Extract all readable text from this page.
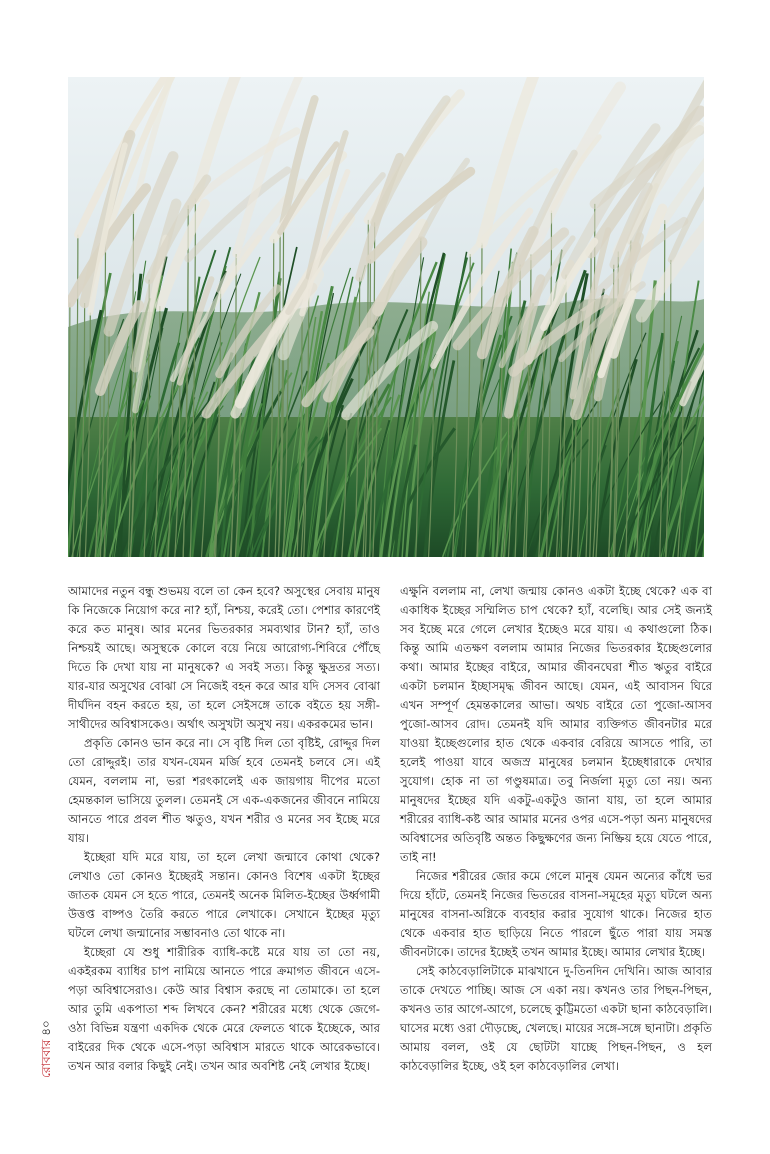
আমাদের নতুন বন্ধু শুভময় বলে তা কেন হবে? অসুস্থের সেবায় মানুষ কি নিজেকে নিয়োগ করে না? হ্যাঁ, নিশ্চয়, করেই তো। পেশার কারণেই করে কত মানুষ। আর মনের ভিতরকার সমব্যথার টান? হ্যাঁ, তাও নিশ্চয়ই আছে। অসুস্থকে কোলে বয়ে নিয়ে আরোগ্য-শিবিরে পৌঁছে দিতে কি দেখা যায় না মানুষকে? এ সবই সত্য। কিন্তু ক্ষুদ্রতর সত্য। যার-যার অসুখের বোঝা সে নিজেই বহন করে আর যদি সেসব বোঝা দীর্ঘদিন বহন করতে হয়, তা হলে সেইসঙ্গে তাকে বইতে হয় সঙ্গী-সাথীদের অবিশ্বাসকেও। অর্থাৎ অসুখটা অসুখ নয়। একরকমের ভান।

প্রকৃতি কোনও ভান করে না। সে বৃষ্টি দিল তো বৃষ্টিই, রোদ্দুর দিল তো রোদ্দুরই। তার যখন-যেমন মর্জি হবে তেমনই চলবে সে। এই যেমন, বললাম না, ভরা শরৎকালেই এক জায়গায় দীপের মতো হেমন্তকাল ভাসিয়ে তুলল। তেমনই সে এক-একজনের জীবনে নামিয়ে আনতে পারে প্রবল শীত ঋতুও, যখন শরীর ও মনের সব ইচ্ছে মরে যায়।

ইচ্ছেরা যদি মরে যায়, তা হলে লেখা জন্মাবে কোথা থেকে? লেখাও তো কোনও ইচ্ছেরই সন্তান। কোনও বিশেষ একটা ইচ্ছের জাতক যেমন সে হতে পারে, তেমনই অনেক মিলিত-ইচ্ছের উর্ধ্বগামী উত্তপ্ত বাষ্পও তৈরি করতে পারে লেখাকে। সেখানে ইচ্ছের মৃত্যু ঘটলে লেখা জন্মানোর সম্ভাবনাও তো থাকে না।

ইচ্ছেরা যে শুধু শারীরিক ব্যাধি-কষ্টে মরে যায় তা তো নয়, একইরকম ব্যাধির চাপ নামিয়ে আনতে পারে ক্রমাগত জীবনে এসে-পড়া অবিশ্বাসেরাও। কেউ আর বিশ্বাস করছে না তোমাকে। তা হলে আর তুমি একপাতা শব্দ লিখবে কেন? শরীরের মধ্যে থেকে জেগে-ওঠা বিভিন্ন যন্ত্রণা একদিক থেকে মেরে ফেলতে থাকে ইচ্ছেকে, আর বাইরের দিক থেকে এসে-পড়া অবিশ্বাস মারতে থাকে আরেকভাবে। তখন আর বলার কিছুই নেই। তখন আর অবশিষ্ট নেই লেখার ইচ্ছে।

এক্ষুনি বললাম না, লেখা জন্মায় কোনও একটা ইচ্ছে থেকে? এক বা একাধিক ইচ্ছের সম্মিলিত চাপ থেকে? হ্যাঁ, বলেছি। আর সেই জন্যই সব ইচ্ছে মরে গেলে লেখার ইচ্ছেও মরে যায়। এ কথাগুলো ঠিক। কিন্তু আমি এতক্ষণ বললাম আমার নিজের ভিতরকার ইচ্ছেগুলোর কথা। আমার ইচ্ছের বাইরে, আমার জীবনঘেরা শীত ঋতুর বাইরে একটা চলমান ইচ্ছাসমৃদ্ধ জীবন আছে। যেমন, এই আবাসন ঘিরে এখন সম্পূর্ণ হেমন্তকালের আভা। অথচ বাইরে তো পুজো-আসব পুজো-আসব রোদ। তেমনই যদি আমার ব্যক্তিগত জীবনটার মরে যাওয়া ইচ্ছেগুলোর হাত থেকে একবার বেরিয়ে আসতে পারি, তা হলেই পাওয়া যাবে অজস্র মানুষের চলমান ইচ্ছেধারাকে দেখার সুযোগ। হোক না তা গণ্ডুষমাত্র। তবু নির্জলা মৃত্যু তো নয়। অন্য মানুষদের ইচ্ছের যদি একটু-একটুও জানা যায়, তা হলে আমার শরীরের ব্যাধি-কষ্ট আর আমার মনের ওপর এসে-পড়া অন্য মানুষদের অবিশ্বাসের অতিবৃষ্টি অন্তত কিছুক্ষণের জন্য নিষ্ক্রিয় হয়ে যেতে পারে, তাই না!

নিজের শরীরের জোর কমে গেলে মানুষ যেমন অন্যের কাঁধে ভর দিয়ে হাঁটে, তেমনই নিজের ভিতরের বাসনা-সমূহের মৃত্যু ঘটলে অন্য মানুষের বাসনা-অগ্নিকে ব্যবহার করার সুযোগ থাকে। নিজের হাত থেকে একবার হাত ছাড়িয়ে নিতে পারলে ছুঁতে পারা যায় সমস্ত জীবনটাকে। তাদের ইচ্ছেই তখন আমার ইচ্ছে। আমার লেখার ইচ্ছে।

সেই কাঠবেড়ালিটাকে মাঝখানে দু-তিনদিন দেখিনি। আজ আবার তাকে দেখতে পাচ্ছি। আজ সে একা নয়। কখনও তার পিছন-পিছন, কখনও তার আগে-আগে, চলেছে কুট্টিমতো একটা ছানা কাঠবেড়ালি। ঘাসের মধ্যে ওরা দৌড়চ্ছে, খেলছে। মায়ের সঙ্গে-সঙ্গে ছানাটা। প্রকৃতি আমায় বলল, ওই যে ছোটটা যাচ্ছে পিছন-পিছন, ও হল কাঠবেড়ালির ইচ্ছে, ওই হল কাঠবেড়ালির লেখা।

রোববার ৪০
